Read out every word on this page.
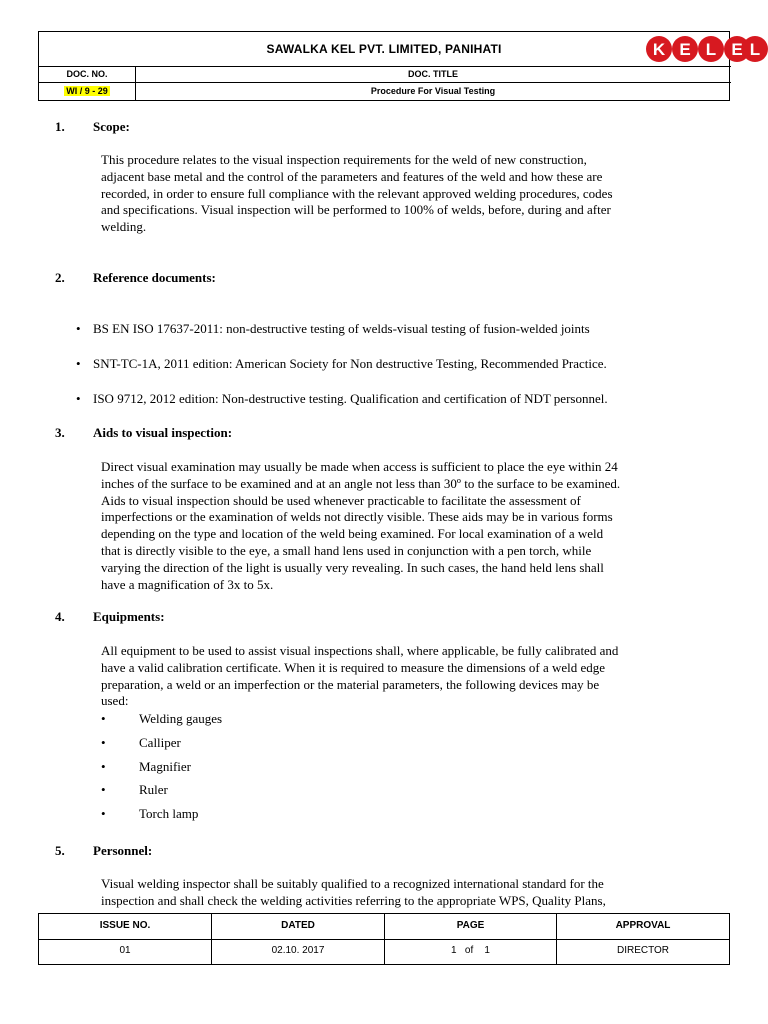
SAWALKA KEL PVT. LIMITED, PANIHATI
DOC. NO.	DOC. TITLE
WI / 9 - 29	Procedure For Visual Testing
K E L E L
1. Scope:
This procedure relates to the visual inspection requirements for the weld of new construction,
adjacent base metal and the control of the parameters and features of the weld and how these are
recorded, in order to ensure full compliance with the relevant approved welding procedures, codes
and specifications. Visual inspection will be performed to 100% of welds, before, during and after
welding.
2. Reference documents:
• BS EN ISO 17637-2011: non-destructive testing of welds-visual testing of fusion-welded joints
• SNT-TC-1A, 2011 edition: American Society for Non destructive Testing, Recommended Practice.
• ISO 9712, 2012 edition: Non-destructive testing. Qualification and certification of NDT personnel.
3. Aids to visual inspection:
Direct visual examination may usually be made when access is sufficient to place the eye within 24
inches of the surface to be examined and at an angle not less than 30º to the surface to be examined.
Aids to visual inspection should be used whenever practicable to facilitate the assessment of
imperfections or the examination of welds not directly visible. These aids may be in various forms
depending on the type and location of the weld being examined. For local examination of a weld
that is directly visible to the eye, a small hand lens used in conjunction with a pen torch, while
varying the direction of the light is usually very revealing. In such cases, the hand held lens shall
have a magnification of 3x to 5x.
4. Equipments:
All equipment to be used to assist visual inspections shall, where applicable, be fully calibrated and
have a valid calibration certificate. When it is required to measure the dimensions of a weld edge
preparation, a weld or an imperfection or the material parameters, the following devices may be
used:
•	Welding gauges
•	Calliper
•	Magnifier
•	Ruler
•	Torch lamp
5. Personnel:
Visual welding inspector shall be suitably qualified to a recognized international standard for the
inspection and shall check the welding activities referring to the appropriate WPS, Quality Plans,
ISSUE NO.	DATED	PAGE	APPROVAL
01	02.10. 2017	1   of    1	DIRECTOR
